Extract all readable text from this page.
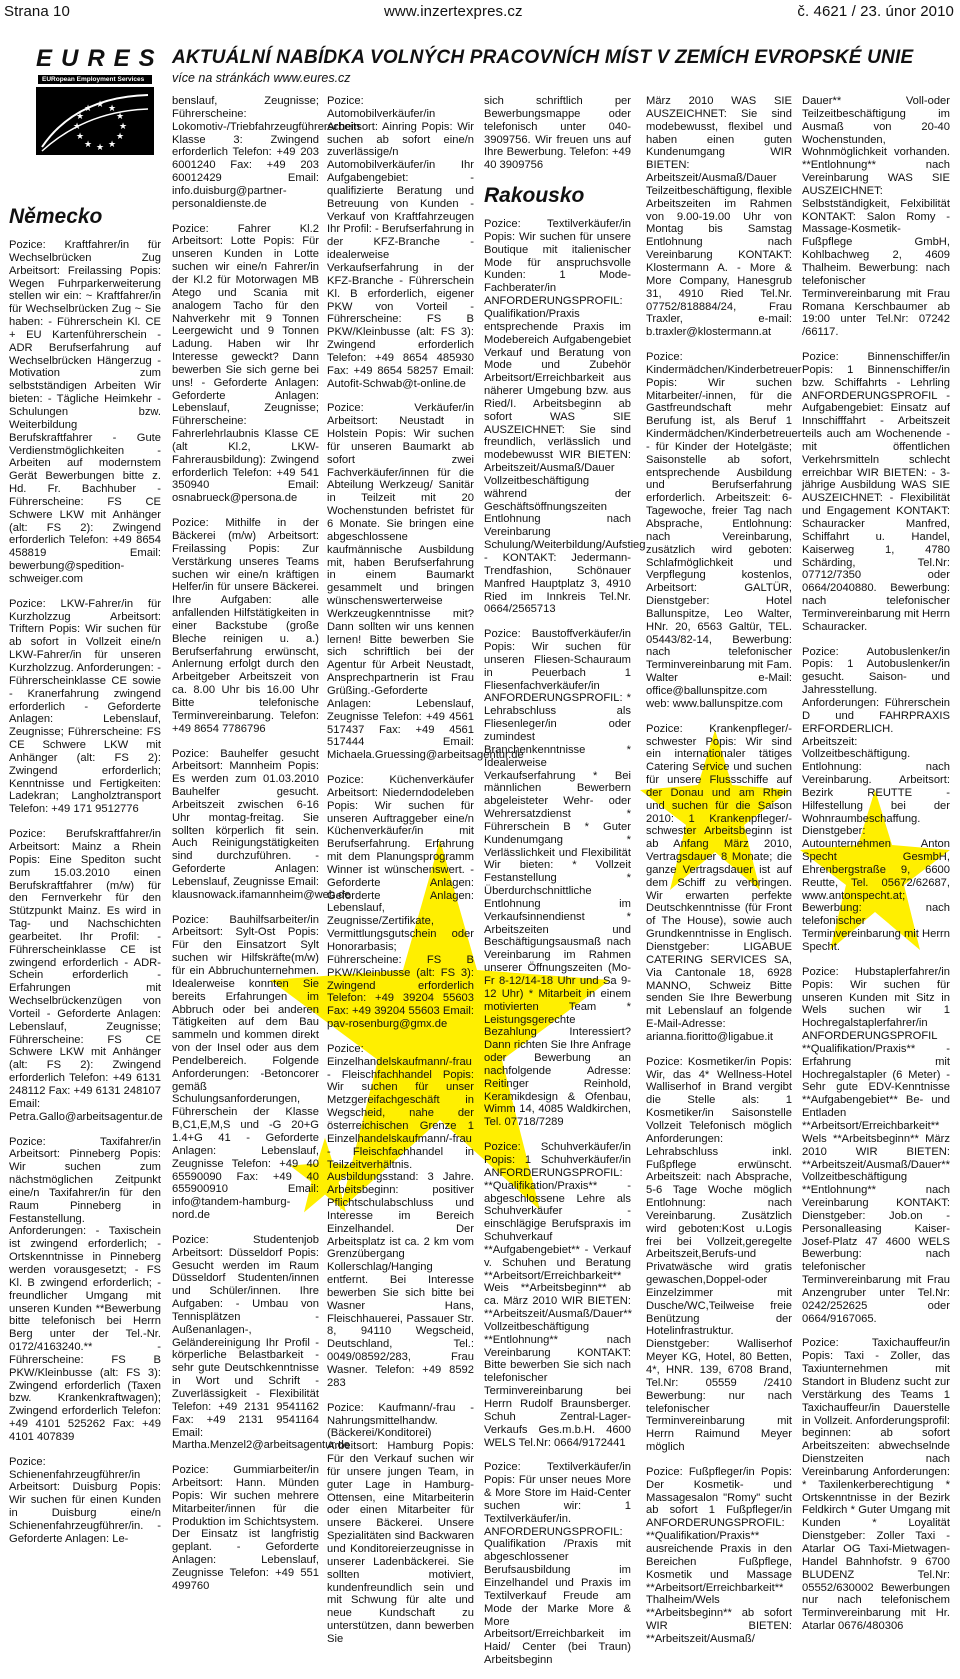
Strana 10	www.inzertexpres.cz	č. 4621 / 23. únor 2010
EURES
EURopean Employment Services
★ ★
★
★
★
★
★
★
★
★
★
★
AKTUÁLNÍ NABÍDKA VOLNÝCH PRACOVNÍCH MÍST V ZEMÍCH EVROPSKÉ UNIE
více na stránkách www.eures.cz
Německo

Pozice: Kraftfahrer/in für Wechselbrücken Zug Arbeitsort: Freilassing Popis: Wegen Fuhrparkerweiterung stellen wir ein: ~ Kraftfahrer/in für Wechselbrücken Zug ~ Sie haben: - Führerschein Kl. CE + EU Kartenführerschein - ADR Berufserfahrung auf Wechselbrücken Hängerzug - Motivation zum selbstständigen Arbeiten Wir bieten: - Tägliche Heimkehr - Schulungen bzw. Weiterbildung Berufskraftfahrer - Gute Verdienstmöglichkeiten - Arbeiten auf modernstem Gerät Bewerbungen bitte z. Hd. Fr. Bachhuber - Führerscheine: FS CE Schwere LKW mit Anhänger (alt: FS 2): Zwingend erforderlich Telefon: +49 8654 458819 Email: bewerbung@spedition-schweiger.com

Pozice: LKW-Fahrer/in für Kurzholzzug Arbeitsort: Triftern Popis: Wir suchen für ab sofort in Vollzeit eine/n LKW-Fahrer/in für unseren Kurzholzzug. Anforderungen: - Führerscheinklasse CE sowie - Kranerfahrung zwingend erforderlich - Geforderte Anlagen: Lebenslauf, Zeugnisse; Führerscheine: FS CE Schwere LKW mit Anhänger (alt: FS 2): Zwingend erforderlich; Kenntnisse und Fertigkeiten: Ladekran; Langholztransport Telefon: +49 171 9512776

Pozice: Berufskraftfahrer/in Arbeitsort: Mainz a Rhein Popis: Eine Spediton sucht zum 15.03.2010 einen Berufskraftfahrer (m/w) für den Fernverkehr für den Stützpunkt Mainz. Es wird in Tag- und Nachschichten gearbeitet. Ihr Profil: - Führerscheinklasse CE ist zwingend erforderlich - ADR-Schein erforderlich - Erfahrungen mit Wechselbrückenzügen von Vorteil - Geforderte Anlagen: Lebenslauf, Zeugnisse; Führerscheine: FS CE Schwere LKW mit Anhänger (alt: FS 2): Zwingend erforderlich Telefon: +49 6131 248112 Fax: +49 6131 248107 Email: Petra.Gallo@arbeitsagentur.de

Pozice: Taxifahrer/in Arbeitsort: Pinneberg Popis: Wir suchen zum nächstmöglichen Zeitpunkt eine/n Taxifahrer/in für den Raum Pinneberg in Festanstellung. Anforderungen: - Taxischein ist zwingend erforderlich; - Ortskenntnisse in Pinneberg werden vorausgesetzt; - FS Kl. B zwingend erforderlich; - freundlicher Umgang mit unseren Kunden **Bewerbung bitte telefonisch bei Herrn Berg unter der Tel.-Nr. 0172/4163240.** - Führerscheine: FS B PKW/Kleinbusse (alt: FS 3): Zwingend erforderlich (Taxen bzw. Krankenkraftwagen); Zwingend erforderlich Telefon: +49 4101 525262 Fax: +49 4101 407839

Pozice: Schienenfahrzeugführer/in Arbeitsort: Duisburg Popis: Wir suchen für einen Kunden in Duisburg eine/n Schienenfahrzeugführer/in. - Geforderte Anlagen: Le-

benslauf, Zeugnisse; Führerscheine: Lokomotiv-/Triebfahrzeugführerschein Klasse 3: Zwingend erforderlich Telefon: +49 203 6001240 Fax: +49 203 60012429 Email: info.duisburg@partner-personaldienste.de

Pozice: Fahrer Kl.2 Arbeitsort: Lotte Popis: Für unseren Kunden in Lotte suchen wir eine/n Fahrer/in der Kl.2 für Motorwagen MB Atego und Scania mit analogem Tacho für den Nahverkehr mit 9 Tonnen Leergewicht und 9 Tonnen Ladung. Haben wir Ihr Interesse geweckt? Dann bewerben Sie sich gerne bei uns! - Geforderte Anlagen: Geforderte Anlagen: Lebenslauf, Zeugnisse; Führerscheine: Fahrerlehrlaubnis Klasse CE (alt Kl.2, LKW-Fahrerausbildung): Zwingend erforderlich Telefon: +49 541 350940 Email: osnabrueck@persona.de

Pozice: Mithilfe in der Bäckerei (m/w) Arbeitsort: Freilassing Popis: Zur Verstärkung unseres Teams suchen wir eine/n kräftigen Helfer/in für unsere Bäckerei. Ihre Aufgaben: alle anfallenden Hilfstätigkeiten in einer Backstube (große Bleche reinigen u. a.) Berufserfahrung erwünscht, Anlernung erfolgt durch den Arbeitgeber Arbeitszeit von ca. 8.00 Uhr bis 16.00 Uhr Bitte telefonische Terminvereinbarung. Telefon: +49 8654 7786796

Pozice: Bauhelfer gesucht Arbeitsort: Mannheim Popis: Es werden zum 01.03.2010 Bauhelfer gesucht. Arbeitszeit zwischen 6-16 Uhr montag-freitag. Sie sollten körperlich fit sein. Auch Reinigungstätigkeiten sind durchzuführen. - Geforderte Anlagen: Lebenslauf, Zeugnisse Email: klausnowack.ifamannheim@web.de

Pozice: Bauhilfsarbeiter/in Arbeitsort: Sylt-Ost Popis: Für den Einsatzort Sylt suchen wir Hilfskräfte(m/w) für ein Abbruchunternehmen. Idealerweise konnten Sie bereits Erfahrungen im Abbruch oder bei anderen Tätigkeiten auf dem Bau sammeln und kommen direkt von der Insel oder aus dem Pendelbereich. Folgende Anforderungen: -Betoncorer gemäß Schulungsanforderungen, Führerschein der Klasse B,C1,E,M,S und -G 20+G 1.4+G 41 - Geforderte Anlagen: Lebenslauf, Zeugnisse Telefon: +49 40 65590090 Fax: +49 40 655900910 Email: info@tandem-hamburg-nord.de

Pozice: Studentenjob Arbeitsort: Düsseldorf Popis: Gesucht werden im Raum Düsseldorf Studenten/innen und Schüler/innen. Ihre Aufgaben: - Umbau von Tennisplätzen - Außenanlagen-, Geländereinigung Ihr Profil - körperliche Belastbarkeit - sehr gute Deutschkenntnisse in Wort und Schrift - Zuverlässigkeit - Flexibilität Telefon: +49 2131 9541162 Fax: +49 2131 9541164 Email: Martha.Menzel2@arbeitsagentur.de

Pozice: Gummiarbeiter/in Arbeitsort: Hann. Münden Popis: Wir suchen mehrere Mitarbeiter/innen für die Produktion im Schichtsystem. Der Einsatz ist langfristig geplant. - Geforderte Anlagen: Lebenslauf, Zeugnisse Telefon: +49 551 499760

Pozice: Automobilverkäufer/in Arbeitsort: Ainring Popis: Wir suchen ab sofort eine/n zuverlässige/n Automobilverkäufer/in Ihr Aufgabengebiet: - qualifizierte Beratung und Betreuung von Kunden - Verkauf von Kraftfahrzeugen Ihr Profil: - Berufserfahrung in der KFZ-Branche - idealerweise Verkaufserfahrung in der KFZ-Branche - Führerschein Kl. B erforderlich, eigener PKW von Vorteil - Führerscheine: FS B PKW/Kleinbusse (alt: FS 3): Zwingend erforderlich Telefon: +49 8654 485930 Fax: +49 8654 58257 Email: Autofit-Schwab@t-online.de

Pozice: Verkäufer/in Arbeitsort: Neustadt in Holstein Popis: Wir suchen für unseren Baumarkt ab sofort zwei Fachverkäufer/innen für die Abteilung Werkzeug/ Sanitär in Teilzeit mit 20 Wochenstunden befristet für 6 Monate. Sie bringen eine abgeschlossene kaufmännische Ausbildung mit, haben Berufserfahrung in einem Baumarkt gesammelt und bringen wünschenswerterweise Werkzeugkenntnisse mit? Dann sollten wir uns kennen lernen! Bitte bewerben Sie sich schriftlich bei der Agentur für Arbeit Neustadt, Ansprechpartnerin ist Frau Grüßing.-Geforderte Anlagen: Lebenslauf, Zeugnisse Telefon: +49 4561 517437 Fax: +49 4561 517444 Email: Michaela.Gruessing@arbeitsagentur.de

Pozice: Küchenverkäufer Arbeitsort: Niederndodeleben Popis: Wir suchen für unseren Auftraggeber eine/n Küchenverkäufer/in mit Berufserfahrung. Erfahrung mit dem Planungsprogramm Winner ist wünschenswert. - Geforderte Anlagen: Geforderte Anlagen: Lebenslauf, Zeugnisse/Zertifikate, Vermittlungsgutschein oder Honorarbasis; Führerscheine: FS B PKW/Kleinbusse (alt: FS 3): Zwingend erforderlich Telefon: +49 39204 55603 Fax: +49 39204 55603 Email: pav-rosenburg@gmx.de

Pozice: Einzelhandelskaufmann/-frau - Fleischfachhandel Popis: Wir suchen für unser Metzgereifachgeschäft in Wegscheid, nahe der österreichischen Grenze 1 Einzelhandelskaufmann/-frau - Fleischfachhandel in Teilzeitverhältnis. Ausbildungsstand: 3 Jahre. Arbeitsbeginn: positiver Pflichtschulabschluss und Interesse im Bereich Einzelhandel. Der Arbeitsplatz ist ca. 2 km vom Grenzübergang Kollerschlag/Hanging entfernt. Bei Interesse bewerben Sie sich bitte bei Wasner Hans, Fleischhauerei, Passauer Str. 8, 94110 Wegscheid, Deutschland, Tel.: 0049/08592/283, Frau Wasner. Telefon: +49 8592 283

Pozice: Kaufmann/-frau - Nahrungsmittelhandw.(Bäckerei/Konditorei) Arbeitsort: Hamburg Popis: Für den Verkauf suchen wir für unsere jungen Team, in guter Lage in Hamburg-Ottensen, eine Mitarbeiterin oder einen Mitarbeiter für unsere Bäckerei. Unsere Spezialitäten sind Backwaren und Konditoreierzeugnisse in unserer Ladenbäckerei. Sie sollten motiviert, kundenfreundlich sein und mit Schwung für alte und neue Kundschaft zu unterstützen, dann bewerben Sie

sich schriftlich per Bewerbungsmappe oder telefonisch unter 040-3909756. Wir freuen uns auf Ihre Bewerbung. Telefon: +49 40 3909756

Rakousko

Pozice: Textilverkäufer/in Popis: Wir suchen für unsere Boutique mit italienischer Mode für anspruchsvolle Kunden: 1 Mode-Fachberater/in ANFORDERUNGSPROFIL: Qualifikation/Praxis entsprechende Praxis im Modebereich Aufgabengebiet Verkauf und Beratung von Mode und Zubehör Arbeitsort/Erreichbarkeit aus näherer Umgebung bzw. aus Ried/I. Arbeitsbeginn ab sofort WAS SIE AUSZEICHNET: Sie sind freundlich, verlässlich und modebewusst WIR BIETEN: Arbeitszeit/Ausmaß/Dauer Vollzeitbeschäftigung während der Geschäftsöffnungszeiten Entlohnung nach Vereinbarung Schulung/Weiterbildung/Aufstieg - KONTAKT: Jedermann-Trendfashion, Schönauer Manfred Hauptplatz 3, 4910 Ried im Innkreis Tel.Nr. 0664/2565713

Pozice: Baustoffverkäufer/in Popis: Wir suchen für unseren Fliesen-Schauraum in Peuerbach 1 Fliesenfachverkäufer/in ANFORDERUNGSPROFIL: * Lehrabschluss als Fliesenleger/in oder zumindest Branchenkenntnisse * Idealerweise Verkaufserfahrung * Bei männlichen Bewerbern abgeleisteter Wehr- oder Wehrersatzdienst * Führerschein B * Guter Kundenumgang * Verlässlichkeit und Flexibilität Wir bieten: * Vollzeit Festanstellung * Überdurchschnittliche Entlohnung im Verkaufsinnendienst * Arbeitszeiten und Beschäftigungsausmaß nach Vereinbarung im Rahmen unserer Öffnungszeiten (Mo-Fr 8-12/14-18 Uhr und Sa 9-12 Uhr) * Mitarbeit in einem motivierten Team * Leistungsgerechte Bezahlung Interessiert? Dann richten Sie Ihre Anfrage oder Bewerbung an nachfolgende Adresse: Reitinger Reinhold, Keramikdesign & Ofenbau, Wimm 14, 4085 Waldkirchen, Tel. 07718/7289

Pozice: Schuhverkäufer/in Popis: 1 Schuhverkäufer/in ANFORDERUNGSPROFIL: **Qualifikation/Praxis** - abgeschlossene Lehre als Schuhverkäufer - einschlägige Berufspraxis im Schuhverkauf **Aufgabengebiet** - Verkauf v. Schuhen und Beratung **Arbeitsort/Erreichbarkeit** Weis **Arbeitsbeginn** ab ca. März 2010 WIR BIETEN: **Arbeitszeit/Ausmaß/Dauer** Vollzeitbeschäftigung **Entlohnung** nach Vereinbarung KONTAKT: Bitte bewerben Sie sich nach telefonischer Terminvereinbarung bei Herrn Rudolf Braunsberger. Schuh Zentral-Lager-Verkaufs Ges.m.b.H. 4600 WELS Tel.Nr: 0664/9172441

Pozice: Textilverkäufer/in Popis: Für unser neues More & More Store im Haid-Center suchen wir: 1 Textilverkäufer/in. ANFORDERUNGSPROFIL: Qualifikation /Praxis mit abgeschlossener Berufsausbildung im Einzelhandel und Praxis im Textilverkauf Freude am Mode der Marke More & More Arbeitsort/Erreichbarkeit im Haid/ Center (bei Traun) Arbeitsbeginn

März 2010 WAS SIE AUSZEICHNET: Sie sind modebewusst, flexibel und haben einen guten Kundenumgang WIR BIETEN: Arbeitszeit/Ausmaß/Dauer Teilzeitbeschäftigung, flexible Arbeitszeiten im Rahmen von 9.00-19.00 Uhr von Montag bis Samstag Entlohnung nach Vereinbarung KONTAKT: Klostermann A. - More & More Company, Hanesgrub 31, 4910 Ried Tel.Nr. 07752/818884/24, Frau Traxler, e-mail: b.traxler@klostermann.at

Pozice: Kindermädchen/Kinderbetreuer Popis: Wir suchen Mitarbeiter/-innen, für die Gastfreundschaft mehr Berufung ist, als Beruf 1 Kindermädchen/Kinderbetreuer - für Kinder der Hotelgäste; Saisonstelle ab sofort, entsprechende Ausbildung und Berufserfahrung erforderlich. Arbeitszeit: 6-Tagewoche, freier Tag nach Absprache, Entlohnung: nach Vereinbarung, zusätzlich wird geboten: Schlafmöglichkeit und Verpflegung kostenlos, Arbeitsort: GALTÜR, Dienstgeber: Hotel Ballunspitze, Leo Walter, HNr. 20, 6563 Galtür, TEL. 05443/82-14, Bewerbung: nach telefonischer Terminvereinbarung mit Fam. Walter e-Mail: office@ballunspitze.com web: www.ballunspitze.com

Pozice: Krankenpfleger/-schwester Popis: Wir sind ein internationaler tätiges Catering Service und suchen für unsere Flussschiffe auf der Donau und am Rhein und suchen für die Saison 2010: 1 Krankenpfleger/-schwester Arbeitsbeginn ist ab Anfang März 2010, Vertragsdauer 8 Monate; die ganze Vertragsdauer ist auf dem Schiff zu verbringen. Wir erwarten perfekte Deutschkenntnisse (für Front of The House), sowie auch Grundkenntnisse in Englisch. Dienstgeber: LIGABUE CATERING SERVICES SA, Via Cantonale 18, 6928 MANNO, Schweiz Bitte senden Sie Ihre Bewerbung mit Lebenslauf an folgende E-Mail-Adresse: arianna.fioritto@ligabue.it

Pozice: Kosmetiker/in Popis: Wir, das 4* Wellness-Hotel Walliserhof in Brand vergibt die Stelle als: 1 Kosmetiker/in Saisonstelle Vollzeit Telefonisch möglich Anforderungen: Lehrabschluss inkl. Fußpflege erwünscht. Arbeitszeit: nach Absprache, 5-6 Tage Woche möglich Entlohnung: nach Vereinbarung. Zusätzlich wird geboten:Kost u.Logis frei bei Vollzeit,geregelte Arbeitszeit,Berufs-und Privatwäsche wird gratis gewaschen,Doppel-oder Einzelzimmer mit Dusche/WC,Teilweise freie Benützung der Hotelinfrastruktur. Dienstgeber: Walliserhof Meyer KG, Hotel, 80 Betten, 4*, HNR. 139, 6708 Brand, Tel.Nr: 05559 /2410 Bewerbung: nur nach telefonischer Terminvereinbarung mit Herrn Raimund Meyer möglich

Pozice: Fußpfleger/in Popis: Der Kosmetik- und Massagesalon "Romy" sucht ab sofort 1 Fußpfleger/in ANFORDERUNGSPROFIL: **Qualifikation/Praxis** ausreichende Praxis in den Bereichen Fußpflege, Kosmetik und Massage **Arbeitsort/Erreichbarkeit** Thalheim/Wels **Arbeitsbeginn** ab sofort WIR BIETEN: **Arbeitszeit/Ausmaß/

Dauer** Voll-oder Teilzeitbeschäftigung im Ausmaß von 20-40 Wochenstunden, Wohnmöglichkeit vorhanden. **Entlohnung** nach Vereinbarung WAS SIE AUSZEICHNET: Selbstständigkeit, Felxibilität KONTAKT: Salon Romy - Massage-Kosmetik-Fußpflege GmbH, Kohlbachweg 2, 4609 Thalheim. Bewerbung: nach telefonischer Terminvereinbarung mit Frau Romana Kerschbaumer ab 19:00 unter Tel.Nr: 07242 /66117.

Pozice: Binnenschiffer/in Popis: 1 Binnenschiffer/in bzw. Schiffahrts - Lehrling ANFORDERUNGSPROFIL - Aufgabengebiet: Einsatz auf Innschifffahrt - Arbeitszeit teils auch am Wochenende - mit öffentlichen Verkehrsmitteln schlecht erreichbar WIR BIETEN: - 3-jährige Ausbildung WAS SIE AUSZEICHNET: - Flexibilität und Engagement KONTAKT: Schauracker Manfred, Schiffahrt u. Handel, Kaiserweg 1, 4780 Schärding, Tel.Nr: 07712/7350 oder 0664/2040880. Bewerbung: nach telefonischer Terminvereinbarung mit Herrn Schauracker.

Pozice: Autobuslenker/in Popis: 1 Autobuslenker/in gesucht. Saison- und Jahresstellung. Anforderungen: Führerschein D und FAHRPRAXIS ERFORDERLICH. Arbeitszeit: Vollzeitbeschäftigung. Entlohnung: nach Vereinbarung. Arbeitsort: Bezirk REUTTE - Hilfestellung bei der Wohnraumbeschaffung. Dienstgeber: Autounternehmen Anton Specht GesmbH, Ehrenbergstraße 9, 6600 Reutte, Tel. 05672/62687, www.antonspecht.at; Bewerbung: nach telefonischer Terminvereinbarung mit Herrn Specht.

Pozice: Hubstaplerfahrer/in Popis: Wir suchen für unseren Kunden mit Sitz in Wels suchen wir 1 Hochregalstaplerfahrer/in ANFORDERUNGSPROFIL **Qualifikation/Praxis** - Erfahrung mit Hochregalstapler (6 Meter) - Sehr gute EDV-Kenntnisse **Aufgabengebiet** Be- und Entladen **Arbeitsort/Erreichbarkeit** Wels **Arbeitsbeginn** März 2010 WIR BIETEN: **Arbeitszeit/Ausmaß/Dauer** Vollzeitbeschäftigung **Entlohnung** nach Vereinbarung KONTAKT: Dienstgeber: Job.on - Personalleasing Kaiser-Josef-Platz 47 4600 WELS Bewerbung: nach telefonischer Terminvereinbarung mit Frau Anzengruber unter Tel.Nr: 0242/252625 oder 0664/9167065.

Pozice: Taxichauffeur/in Popis: Taxi - Zoller, das Taxiunternehmen mit Standort in Bludenz sucht zur Verstärkung des Teams 1 Taxichauffeur/in Dauerstelle in Vollzeit. Anforderungsprofil: beginnen: ab sofort Arbeitszeiten: abwechselnde Dienstzeiten nach Vereinbarung Anforderungen: * Taxilenkerberechtigung * Ortskenntnisse in der Bezirk Feldkirch * Guter Umgang mit Kunden * Loyalität Dienstgeber: Zoller Taxi - Atarlar OG Taxi-Mietwagen-Handel Bahnhofstr. 9 6700 BLUDENZ Tel.Nr: 05552/630002 Bewerbungen nur nach telefonischem Terminvereinbarung mit Hr. Atarlar 0676/480306
